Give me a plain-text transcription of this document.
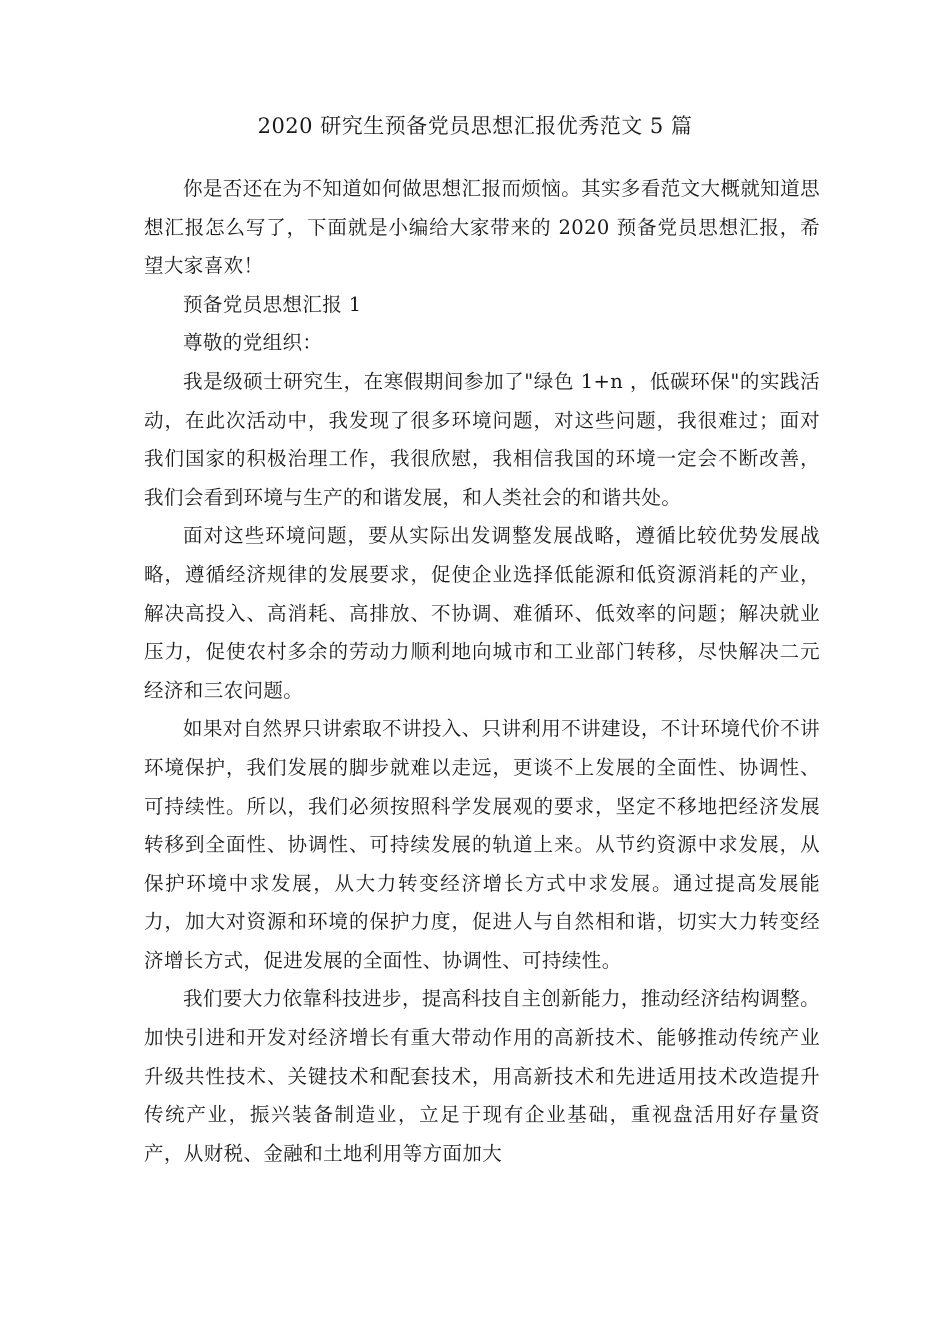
2020 研究生预备党员思想汇报优秀范文 5 篇

你是否还在为不知道如何做思想汇报而烦恼。其实多看范文大概就知道思想汇报怎么写了，下面就是小编给大家带来的 2020 预备党员思想汇报，希望大家喜欢！

预备党员思想汇报 1

尊敬的党组织：

我是级硕士研究生，在寒假期间参加了"绿色 1+n ，低碳环保"的实践活动，在此次活动中，我发现了很多环境问题，对这些问题，我很难过；面对我们国家的积极治理工作，我很欣慰，我相信我国的环境一定会不断改善，我们会看到环境与生产的和谐发展，和人类社会的和谐共处。

面对这些环境问题，要从实际出发调整发展战略，遵循比较优势发展战略，遵循经济规律的发展要求，促使企业选择低能源和低资源消耗的产业，解决高投入、高消耗、高排放、不协调、难循环、低效率的问题；解决就业压力，促使农村多余的劳动力顺利地向城市和工业部门转移，尽快解决二元经济和三农问题。

如果对自然界只讲索取不讲投入、只讲利用不讲建设，不计环境代价不讲环境保护，我们发展的脚步就难以走远，更谈不上发展的全面性、协调性、可持续性。所以，我们必须按照科学发展观的要求，坚定不移地把经济发展转移到全面性、协调性、可持续发展的轨道上来。从节约资源中求发展，从保护环境中求发展，从大力转变经济增长方式中求发展。通过提高发展能力，加大对资源和环境的保护力度，促进人与自然相和谐，切实大力转变经济增长方式，促进发展的全面性、协调性、可持续性。

我们要大力依靠科技进步，提高科技自主创新能力，推动经济结构调整。加快引进和开发对经济增长有重大带动作用的高新技术、能够推动传统产业升级共性技术、关键技术和配套技术，用高新技术和先进适用技术改造提升传统产业，振兴装备制造业，立足于现有企业基础，重视盘活用好存量资产，从财税、金融和土地利用等方面加大
